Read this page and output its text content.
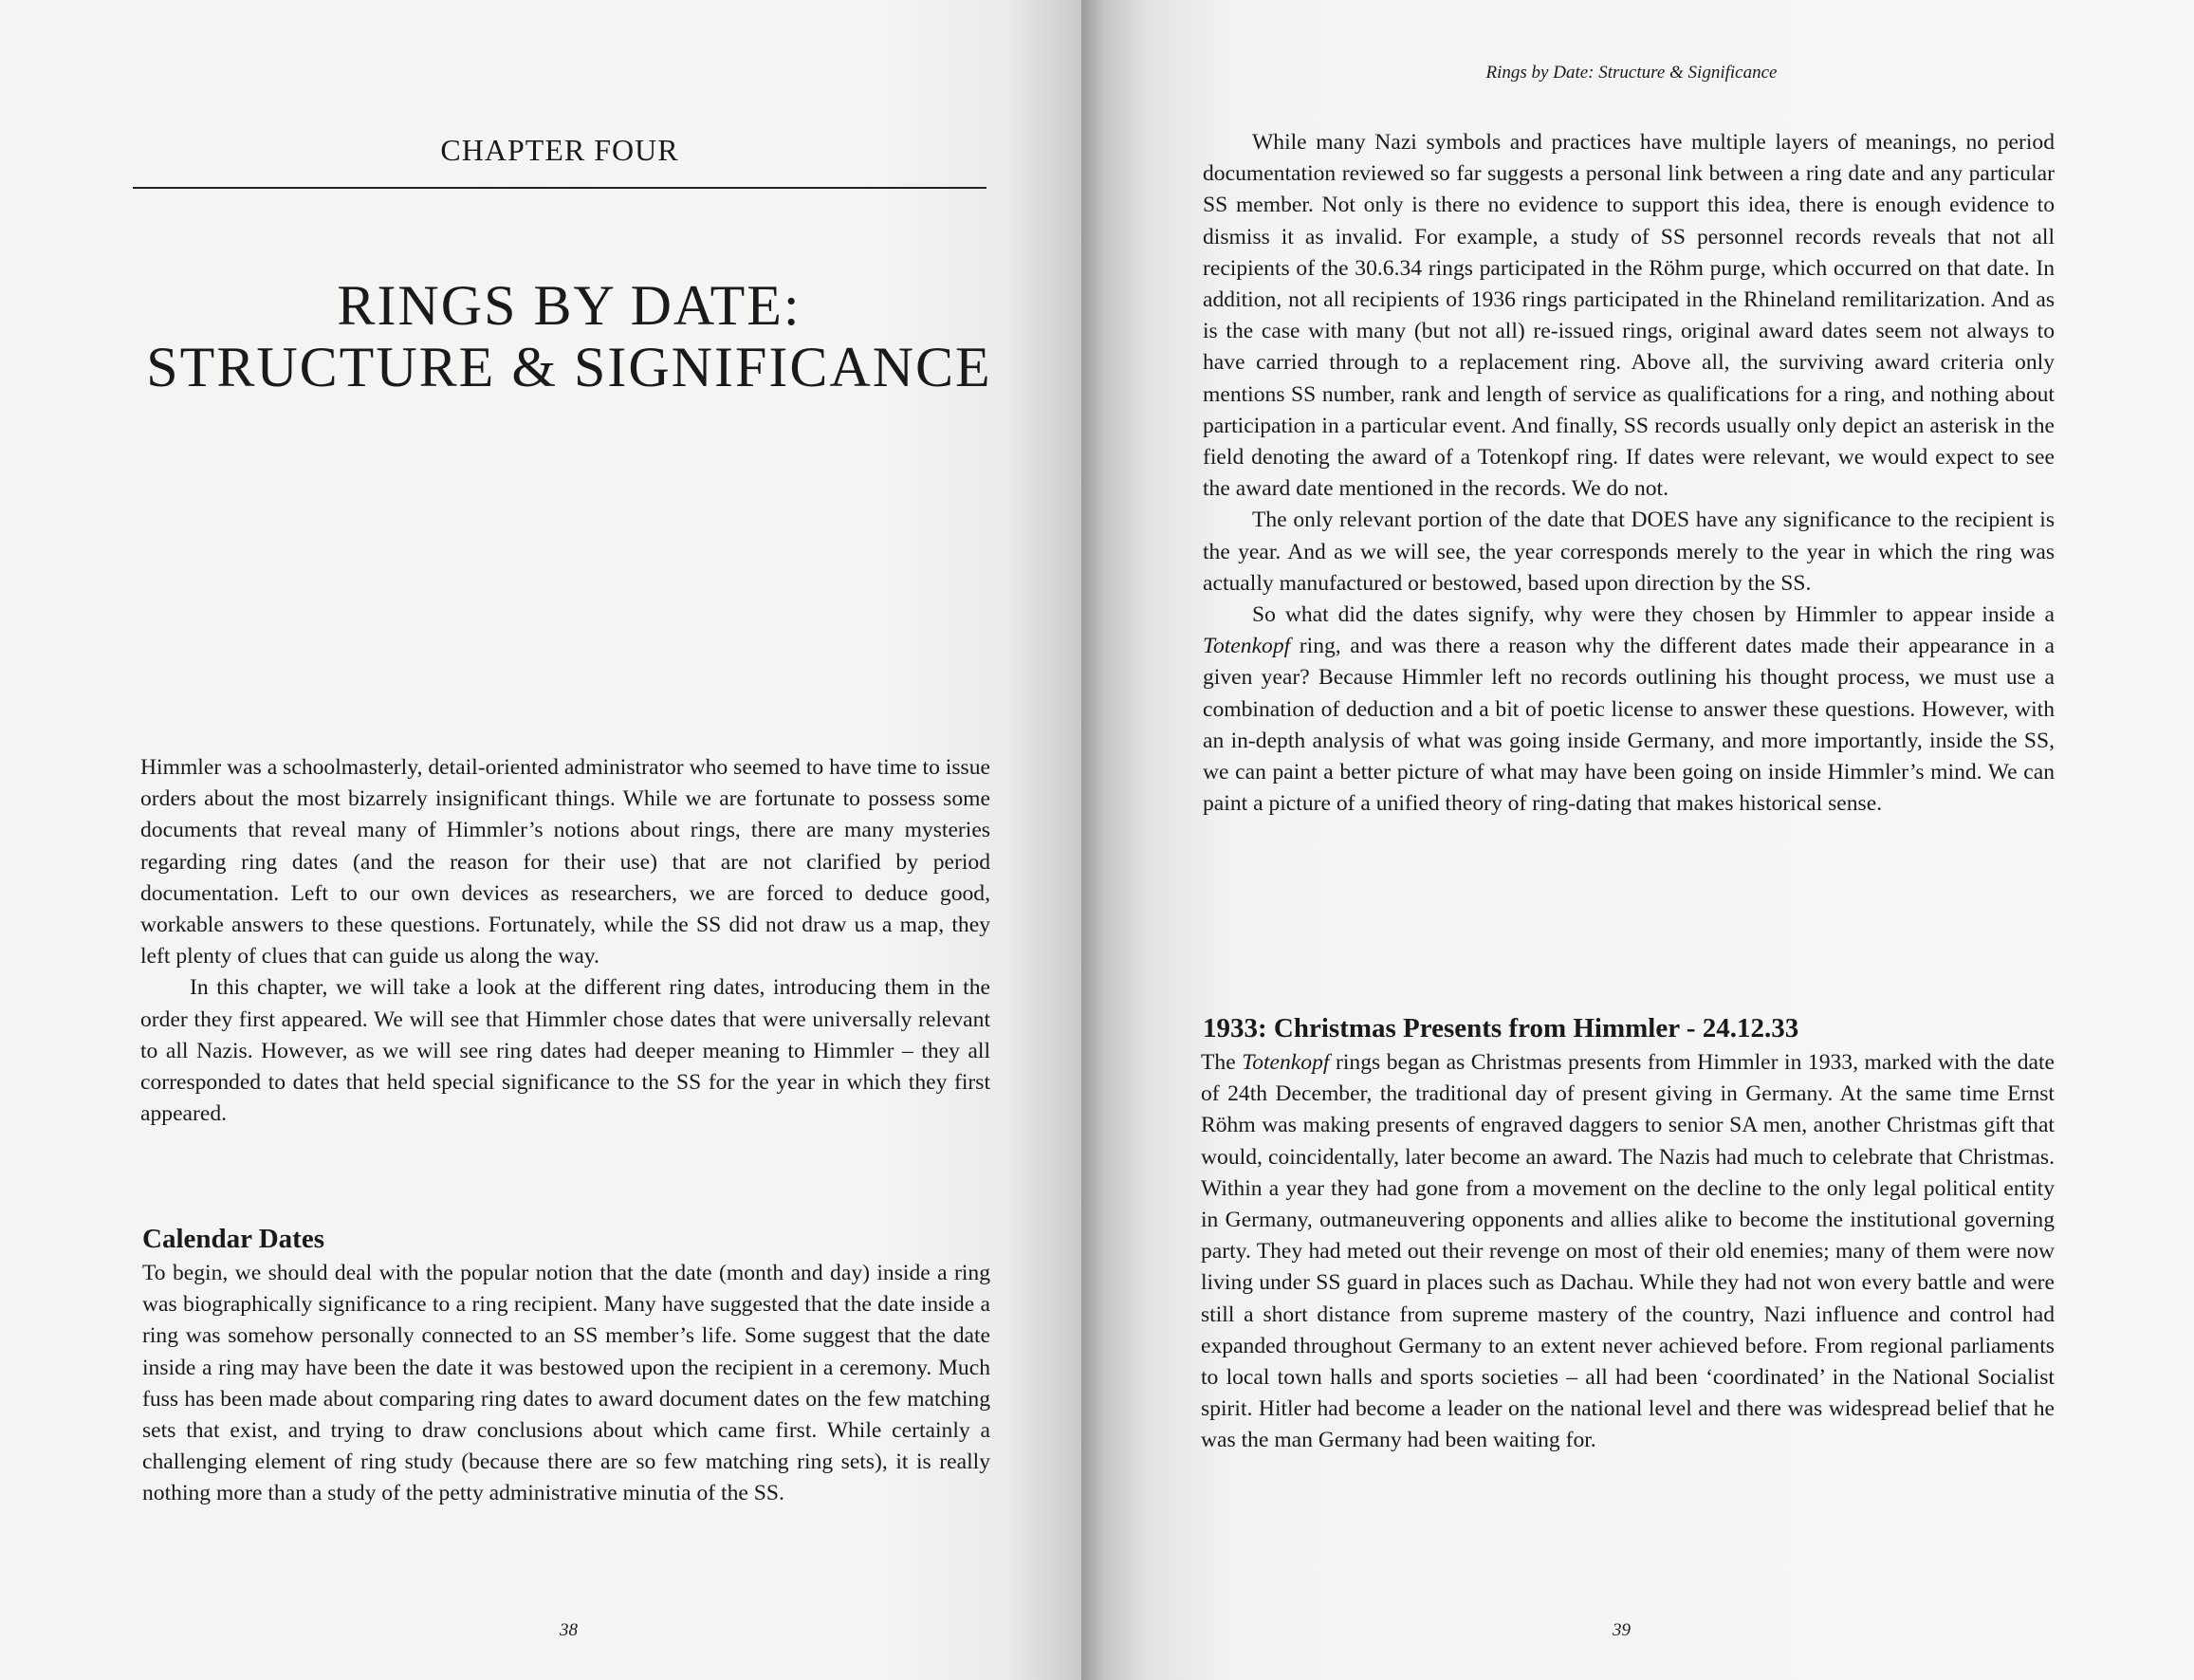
CHAPTER FOUR
RINGS BY DATE:
STRUCTURE & SIGNIFICANCE

Himmler was a schoolmasterly, detail-oriented administrator who seemed to have time to issue orders about the most bizarrely insignificant things. While we are fortunate to possess some documents that reveal many of Himmler’s notions about rings, there are many mysteries regarding ring dates (and the reason for their use) that are not clarified by period documentation. Left to our own devices as researchers, we are forced to deduce good, workable answers to these questions. Fortunately, while the SS did not draw us a map, they left plenty of clues that can guide us along the way.

In this chapter, we will take a look at the different ring dates, introducing them in the order they first appeared. We will see that Himmler chose dates that were universally relevant to all Nazis. However, as we will see ring dates had deeper meaning to Himmler – they all corresponded to dates that held special significance to the SS for the year in which they first appeared.

Calendar Dates

To begin, we should deal with the popular notion that the date (month and day) inside a ring was biographically significance to a ring recipient. Many have suggested that the date inside a ring was somehow personally connected to an SS member’s life. Some suggest that the date inside a ring may have been the date it was bestowed upon the recipient in a ceremony. Much fuss has been made about comparing ring dates to award document dates on the few matching sets that exist, and trying to draw conclusions about which came first. While certainly a challenging element of ring study (because there are so few matching ring sets), it is really nothing more than a study of the petty administrative minutia of the SS.

38
Rings by Date: Structure & Significance

While many Nazi symbols and practices have multiple layers of meanings, no period documentation reviewed so far suggests a personal link between a ring date and any particular SS member. Not only is there no evidence to support this idea, there is enough evidence to dismiss it as invalid. For example, a study of SS personnel records reveals that not all recipients of the 30.6.34 rings participated in the Röhm purge, which occurred on that date. In addition, not all recipients of 1936 rings participated in the Rhineland remilitarization. And as is the case with many (but not all) re-issued rings, original award dates seem not always to have carried through to a replacement ring. Above all, the surviving award criteria only mentions SS number, rank and length of service as qualifications for a ring, and nothing about participation in a particular event. And finally, SS records usually only depict an asterisk in the field denoting the award of a Totenkopf ring. If dates were relevant, we would expect to see the award date mentioned in the records. We do not.

The only relevant portion of the date that DOES have any significance to the recipient is the year. And as we will see, the year corresponds merely to the year in which the ring was actually manufactured or bestowed, based upon direction by the SS.

So what did the dates signify, why were they chosen by Himmler to appear inside a Totenkopf ring, and was there a reason why the different dates made their appearance in a given year? Because Himmler left no records outlining his thought process, we must use a combination of deduction and a bit of poetic license to answer these questions. However, with an in-depth analysis of what was going inside Germany, and more importantly, inside the SS, we can paint a better picture of what may have been going on inside Himmler’s mind. We can paint a picture of a unified theory of ring-dating that makes historical sense.

1933: Christmas Presents from Himmler - 24.12.33

The Totenkopf rings began as Christmas presents from Himmler in 1933, marked with the date of 24th December, the traditional day of present giving in Germany. At the same time Ernst Röhm was making presents of engraved daggers to senior SA men, another Christmas gift that would, coincidentally, later become an award. The Nazis had much to celebrate that Christmas. Within a year they had gone from a movement on the decline to the only legal political entity in Germany, outmaneuvering opponents and allies alike to become the institutional governing party. They had meted out their revenge on most of their old enemies; many of them were now living under SS guard in places such as Dachau. While they had not won every battle and were still a short distance from supreme mastery of the country, Nazi influence and control had expanded throughout Germany to an extent never achieved before. From regional parliaments to local town halls and sports societies – all had been ‘coordinated’ in the National Socialist spirit. Hitler had become a leader on the national level and there was widespread belief that he was the man Germany had been waiting for.

39
